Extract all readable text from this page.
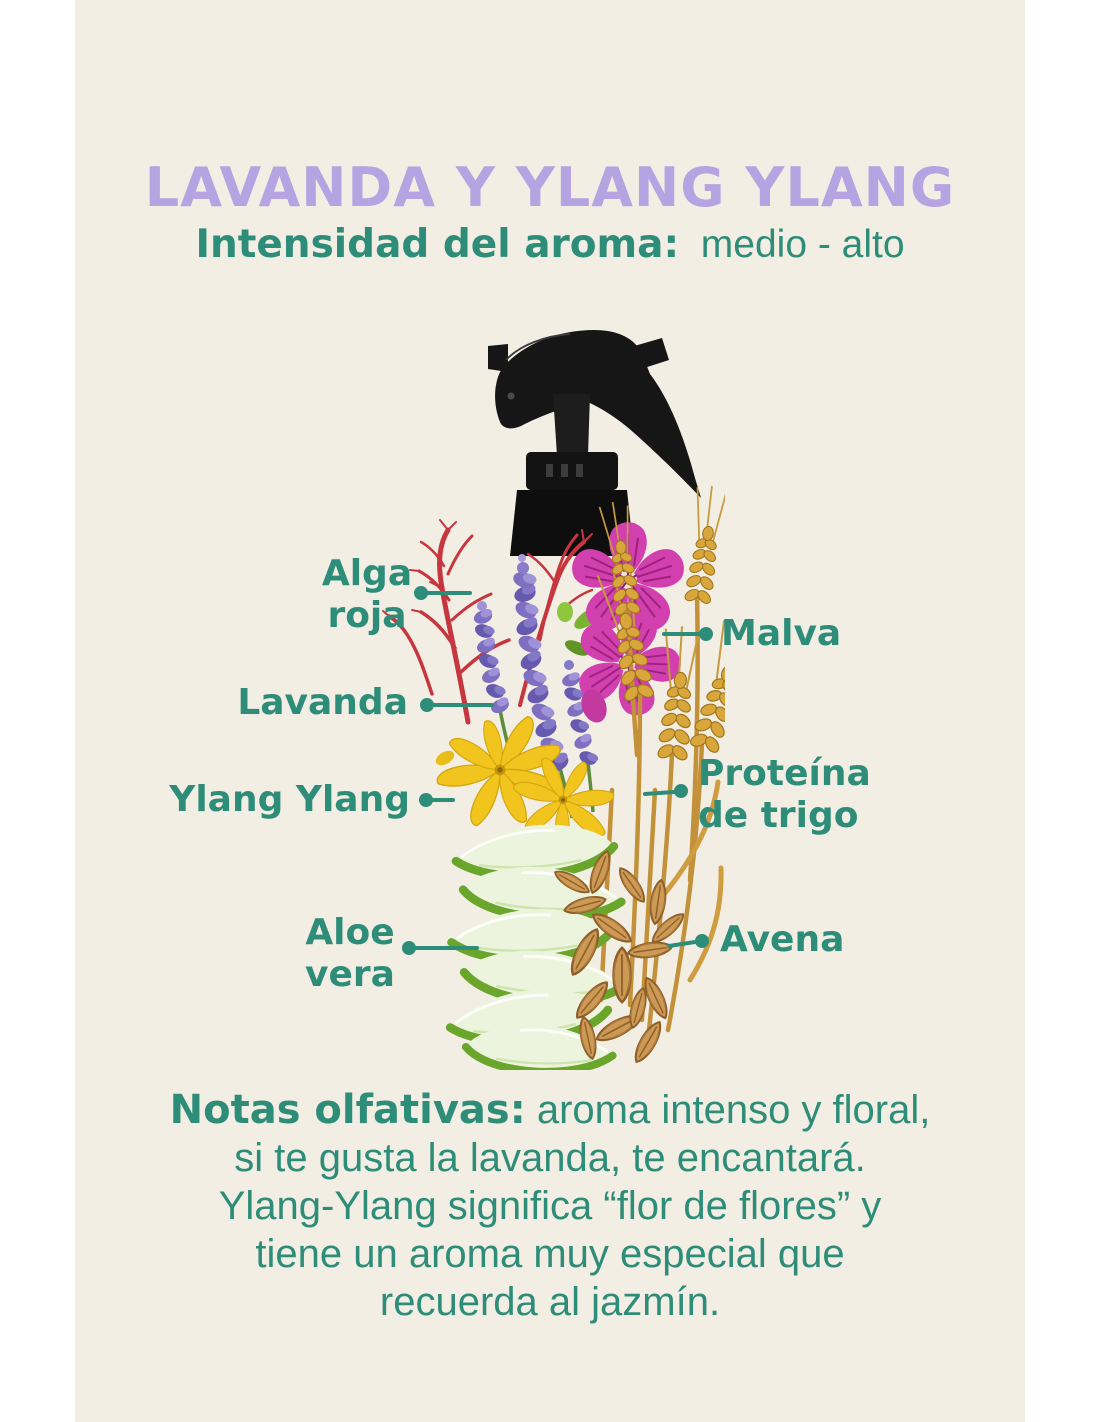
LAVANDA Y YLANG YLANG
Intensidad del aroma: medio - alto
Alga
roja
Lavanda
Ylang Ylang
Aloe
vera
Malva
Proteína
de trigo
Avena
Notas olfativas: aroma intenso y floral,
si te gusta la lavanda, te encantará.
Ylang-Ylang significa “flor de flores” y
tiene un aroma muy especial que
recuerda al jazmín.
